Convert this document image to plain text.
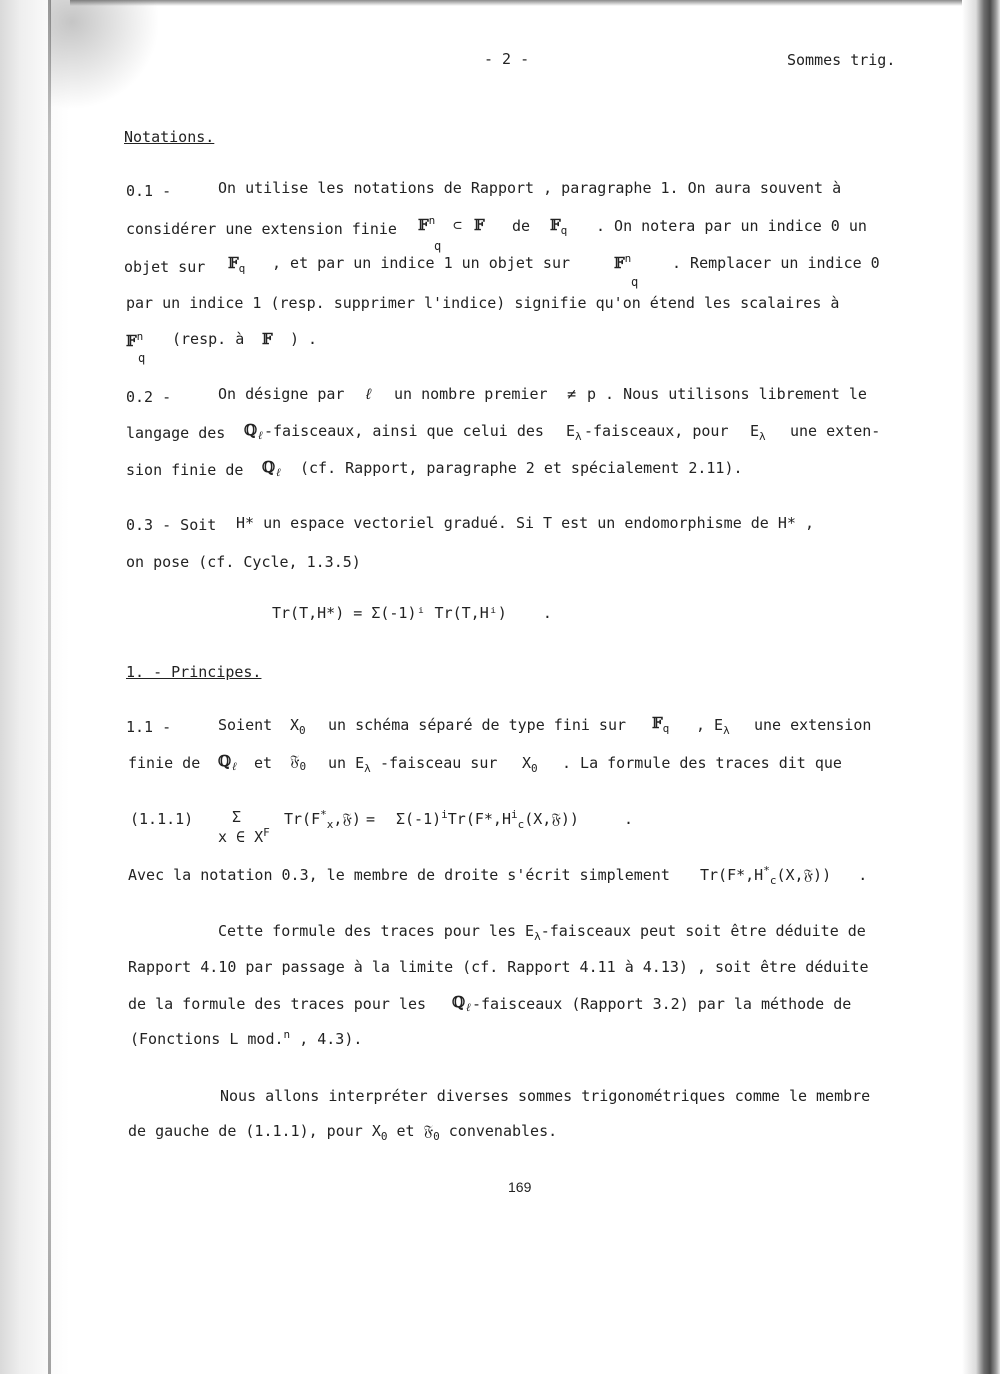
- 2 -	Sommes trig.
Notations.
0.1 -	On utilise les notations de Rapport , paragraphe 1. On aura souvent à
considérer une extension finie 𝔽$^n$
q
⊂ 𝔽 de 𝔽$_q$ . On notera par un indice 0 un
objet sur 𝔽$_q$ , et par un indice 1 un objet sur	𝔽$^n$
q
. Remplacer un indice 0
par un indice 1 (resp. supprimer l'indice) signifie qu'on étend les scalaires à
𝔽$^n$
q
(resp. à 𝔽 ) .
0.2 -	On désigne par ℓ un nombre premier ≠ p . Nous utilisons librement le
langage des ℚ$_\ell$ -faisceaux, ainsi que celui des $E_\lambda$ -faisceaux, pour $E_\lambda$ une exten-
sion finie de ℚ$_\ell$ (cf. Rapport, paragraphe 2 et spécialement 2.11).
0.3 - Soit H* un espace vectoriel gradué. Si T est un endomorphisme de H* ,
on pose (cf. Cycle, 1.3.5)
Tr(T,H*) = Σ(-1)ⁱ Tr(T,Hⁱ)    .
1. - Principes.
1.1 -	Soient $X_0$ un schéma séparé de type fini sur 𝔽$_q$ , $E_\lambda$ une extension
finie de ℚ$_\ell$ et 𝔉$_0$ un $E_\lambda$ -faisceau sur $X_0$ . La formule des traces dit que
(1.1.1)	Σ
x ∈ $X^F$
$Tr(F^*_x,𝔉)$ = $\Sigma(-1)^iTr(F*,H^i_c(X,𝔉))$     .
Avec la notation 0.3, le membre de droite s'écrit simplement $Tr(F*,H^*_c(X,𝔉))$   .
Cette formule des traces pour les $E_\lambda$-faisceaux peut soit être déduite de
Rapport 4.10 par passage à la limite (cf. Rapport 4.11 à 4.13) , soit être déduite
de la formule des traces pour les ℚ$_\ell$ -faisceaux (Rapport 3.2) par la méthode de
(Fonctions L mod.$^n$ , 4.3).
Nous allons interpréter diverses sommes trigonométriques comme le membre
de gauche de (1.1.1), pour $X_0$ et 𝔉$_0$ convenables.
169
